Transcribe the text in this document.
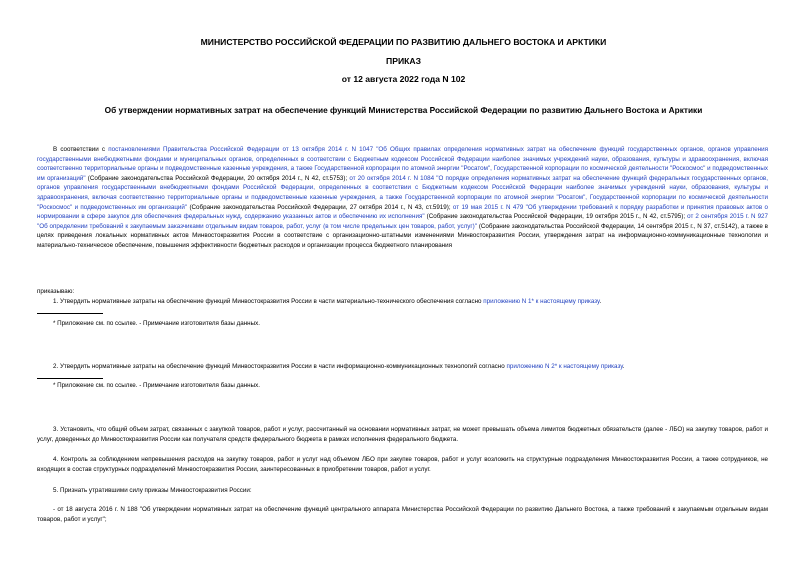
МИНИСТЕРСТВО РОССИЙСКОЙ ФЕДЕРАЦИИ ПО РАЗВИТИЮ ДАЛЬНЕГО ВОСТОКА И АРКТИКИ
ПРИКАЗ
от 12 августа 2022 года N 102
Об утверждении нормативных затрат на обеспечение функций Министерства Российской Федерации по развитию Дальнего Востока и Арктики
В соответствии с постановлениями Правительства Российской Федерации от 13 октября 2014 г. N 1047 "Об Общих правилах определения нормативных затрат на обеспечение функций государственных органов, органов управления государственными внебюджетными фондами и муниципальных органов, определенных в соответствии с Бюджетным кодексом Российской Федерации наиболее значимых учреждений науки, образования, культуры и здравоохранения, включая соответственно территориальные органы и подведомственные казенные учреждения, а также Государственной корпорации по атомной энергии "Росатом", Государственной корпорации по космической деятельности "Роскосмос" и подведомственных им организаций" (Собрание законодательства Российской Федерации, 20 октября 2014 г., N 42, ст.5753); от 20 октября 2014 г. N 1084 "О порядке определения нормативных затрат на обеспечение функций федеральных государственных органов, органов управления государственными внебюджетными фондами Российской Федерации, определенных в соответствии с Бюджетным кодексом Российской Федерации наиболее значимых учреждений науки, образования, культуры и здравоохранения, включая соответственно территориальные органы и подведомственные казенные учреждения, а также Государственной корпорации по атомной энергии "Росатом", Государственной корпорации по космической деятельности "Роскосмос" и подведомственных им организаций" (Собрание законодательства Российской Федерации, 27 октября 2014 г., N 43, ст.5919); от 19 мая 2015 г. N 479 "Об утверждении требований к порядку разработки и принятия правовых актов о нормировании в сфере закупок для обеспечения федеральных нужд, содержанию указанных актов и обеспечению их исполнения" (Собрание законодательства Российской Федерации, 19 октября 2015 г., N 42, ст.5795); от 2 сентября 2015 г. N 927 "Об определении требований к закупаемым заказчиками отдельным видам товаров, работ, услуг (в том числе предельных цен товаров, работ, услуг)" (Собрание законодательства Российской Федерации, 14 сентября 2015 г., N 37, ст.5142), а также в целях приведения локальных нормативных актов Минвостокразвития России в соответствие с организационно-штатными изменениями Минвостокразвития России, утверждения затрат на информационно-коммуникационные технологии и материально-техническое обеспечение, повышения эффективности бюджетных расходов и организации процесса бюджетного планирования
приказываю:
1. Утвердить нормативные затраты на обеспечение функций Минвостокразвития России в части материально-технического обеспечения согласно приложению N 1* к настоящему приказу.
* Приложение см. по ссылке. - Примечание изготовителя базы данных.
2. Утвердить нормативные затраты на обеспечение функций Минвостокразвития России в части информационно-коммуникационных технологий согласно приложению N 2* к настоящему приказу.
* Приложение см. по ссылке. - Примечание изготовителя базы данных.
3. Установить, что общий объем затрат, связанных с закупкой товаров, работ и услуг, рассчитанный на основании нормативных затрат, не может превышать объема лимитов бюджетных обязательств (далее - ЛБО) на закупку товаров, работ и услуг, доведенных до Минвостокразвития России как получателя средств федерального бюджета в рамках исполнения федерального бюджета.
4. Контроль за соблюдением непревышения расходов на закупку товаров, работ и услуг над объемом ЛБО при закупке товаров, работ и услуг возложить на структурные подразделения Минвостокразвития России, а также сотрудников, не входящих в состав структурных подразделений Минвостокразвития России, заинтересованных в приобретении товаров, работ и услуг.
5. Признать утратившими силу приказы Минвостокразвития России:
- от 18 августа 2016 г. N 188 "Об утверждении нормативных затрат на обеспечение функций центрального аппарата Министерства Российской Федерации по развитию Дальнего Востока, а также требований к закупаемым отдельным видам товаров, работ и услуг";
